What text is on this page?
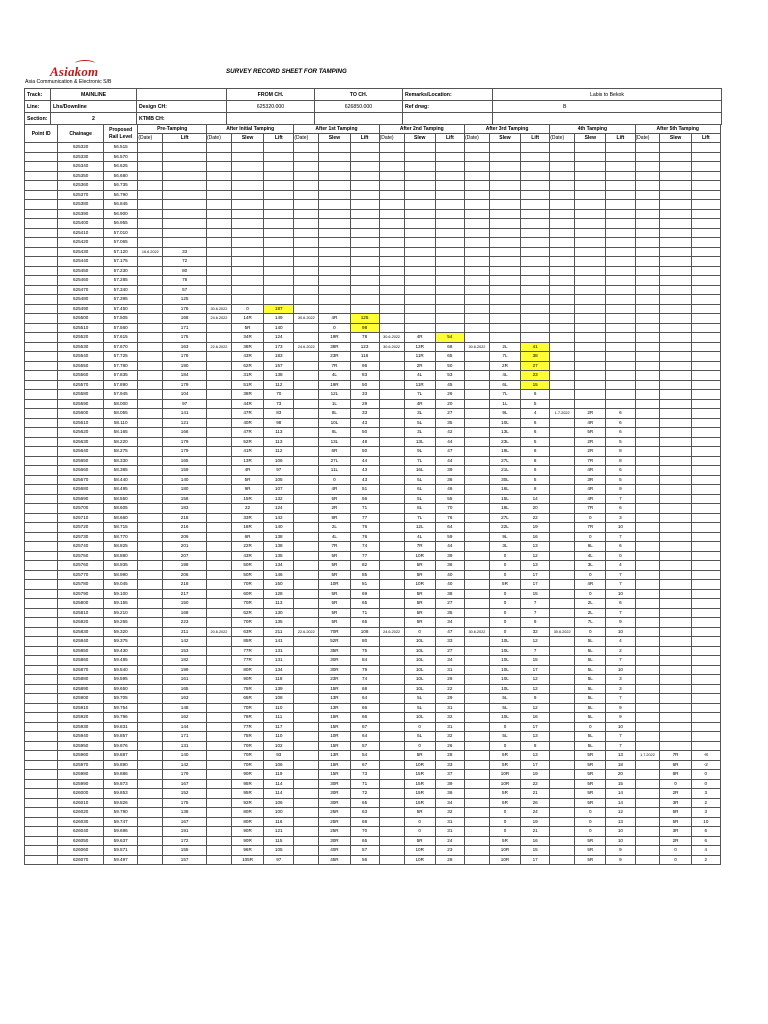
Asiakom
Asia Communication & Electronic S/B
SURVEY RECORD SHEET FOR TAMPING
Track:	MAINLINE		FROM CH.	TO CH.	Remarks/Location:	Labis to Bekok
Line:	Lhs/Downline	Design CH:	625320.000	626850.000	Ref drwg:	B
Section:	2	KTMB CH:				
Point ID	Chainage	Proposed Rail Level	Pre-Tamping		After Initial Tamping			After 1st Tamping			After 2nd Tamping			After 3rd Tamping			4th Tamping			After 5th Tamping		
			(Date)	Lift	(Date)	Slew	Lift	(Date)	Slew	Lift	(Date)	Slew	Lift	(Date)	Slew	Lift	(Date)	Slew	Lift	(Date)	Slew	Lift
	625320	56.515																				
	625330	56.570																				
	625340	56.625																				
	625350	56.680																				
	625360	56.735																				
	625370	56.790																				
	625380	56.845																				
	625390	56.900																				
	625400	56.955																				
	625410	57.010																				
	625420	57.065																				
	625430	57.120	16.6.2022	33																		
	625440	57.175		72																		
	625450	57.230		80																		
	625460	57.285		78																		
	625470	57.340		57																		
	625480	57.395		125																		
	625490	57.450		178	30.6.2022	0	187															
	625500	57.505		168	24.6.2022	14R	149	30.6.2022	4R	125												
	625510	57.560		171		5R	140		0	98												
	625520	57.615		175		34R	124		19R	78	30.6.2022	4R	54									
	625530	57.670		163	22.6.2022	38R	173	24.6.2022	38R	123	30.6.2022	13R	68	30.6.2022	2L	41						
	625540	57.725		178		43R	183		23R	118		11R	65		7L	38						
	625550	57.780		190		62R	157		7R	96		2R	50		2R	27						
	625560	57.835		184		31R	138		4L	83		4L	53		4L	23						
	625570	57.890		179		51R	112		19R	50		11R	45		6L	15						
	625580	57.945		104		38R	70		12L	33		7L	26		7L	6						
	625590	58.000		97		44R	73		1L	29		4R	20		1L	5						
	625600	58.055		141		47R	83		8L	33		3L	27		9L	4	1.7.2022	2R	6			
	625610	58.110		121		40R	98		10L	43		5L	35		10L	6		4R	6			
	625620	58.165		166		47R	113		8L	50		3L	42		13L	6		5R	6			
	625630	58.220		179		52R	113		13L	48		13L	44		23L	5		2R	5			
	625640	58.275		179		41R	112		6R	50		9L	47		19L	8		2R	8			
	625650	58.330		165		13R	106		27L	44		7L	44		27L	8		7R	8			
	625660	58.385		159		4R	97		11L	43		16L	39		21L	6		4R	6			
	625670	58.440		140		5R	105		0	43		5L	36		30L	5		3R	5			
	625680	58.495		180		9R	107		4R	51		6L	46		16L	8		4R	9			
	625690	58.550		158		15R	132		5R	56		5L	55		15L	14		4R	7			
	625700	58.605		183		22	124		2R	71		8L	70		18L	20		7R	6			
	625710	58.660		218		33R	142		8R	77		7L	76		27L	22		0	3			
	625720	58.715		216		18R	140		2L	76		12L	64		22L	19		7R	10			
	625730	58.770		209		6R	138		4L	76		4L	59		9L	16		0	7			
	625740	58.825		201		22R	138		7R	74		7R	44		3L	13		6L	6			
	625750	58.880		207		43R	135		5R	77		10R	39		0	12		4L	0			
	625760	58.935		198		50R	134		5R	82		5R	36		0	13		3L	4			
	625770	58.990		206		50R	146		5R	85		5R	40		0	17		0	7			
	625780	59.045		218		70R	150		10R	81		10R	40		5R	17		4R	7			
	625790	59.100		217		60R	128		5R	69		5R	38		0	15		0	10			
	625800	59.155		150		70R	113		5R	65		5R	27		0	7		2L	6			
	625810	59.210		168		62R	130		5R	71		5R	35		0	7		2L	7			
	625820	59.265		223		70R	135		5R	65		5R	34		0	9		7L	9			
	625830	59.320		211	20.6.2022	63R	211	22.6.2022	70R	108	24.6.2022	0	47	30.6.2022	0	32	30.6.2022	0	10			
	625840	59.375		142		85R	141		52R	80		10L	33		10L	12		5L	4			
	625850	59.430		153		77R	131		35R	75		10L	27		10L	7		5L	2			
	625860	59.485		182		77R	131		30R	84		10L	34		10L	15		5L	7			
	625870	59.540		199		80R	134		30R	79		10L	31		10L	17		5L	10			
	625880	59.595		161		90R	118		23R	74		10L	26		10L	12		5L	3			
	625890	59.650		165		75R	139		15R	68		10L	22		10L	12		5L	3			
	625900	59.705		163		65R	108		13R	64		5L	29		5L	9		5L	7			
	625910	59.754		148		70R	110		13R	66		5L	31		5L	12		5L	9			
	625920	59.796		162		78R	111		15R	66		10L	32		10L	16		5L	9			
	625930	59.831		144		77R	117		15R	67		0	31		0	17		0	10			
	625940	59.857		171		75R	110		10R	64		5L	32		5L	13		5L	7			
	625950	59.876		131		70R	102		15R	57		0	26		0	8		5L	7			
	625960	59.887		140		70R	93		13R	54		5R	28		5R	13		5R	13	1.7.2022	7R	-8
	625970	59.890		142		70R	106		15R	67		10R	33		5R	17		5R	18		6R	-2
	625980	59.886		179		90R	119		15R	73		15R	37		10R	19		5R	20		8R	0
	625990	59.873		167		95R	114		30R	71		15R	39		10R	22		5R	15		0	0
	626000	59.853		152		95R	114		30R	72		15R	36		5R	21		5R	14		2R	3
	626010	59.826		175		92R	106		30R	65		15R	34		5R	26		5R	14		3R	2
	626020	59.790		138		80R	100		25R	63		5R	32		0	24		0	12		5R	3
	626030	59.747		167		80R	116		25R	68		0	31		0	19		0	13		5R	10
	626040	59.696		191		90R	121		25R	70		0	31		0	21		0	10		3R	6
	626050	59.637		172		90R	115		30R	65		5R	24		5R	16		5R	10		2R	6
	626060	59.571		155		96R	105		40R	57		10R	23		10R	15		5R	9		0	4
	626070	59.497		157		105R	97		45R	56		10R	28		10R	17		5R	9		0	2
